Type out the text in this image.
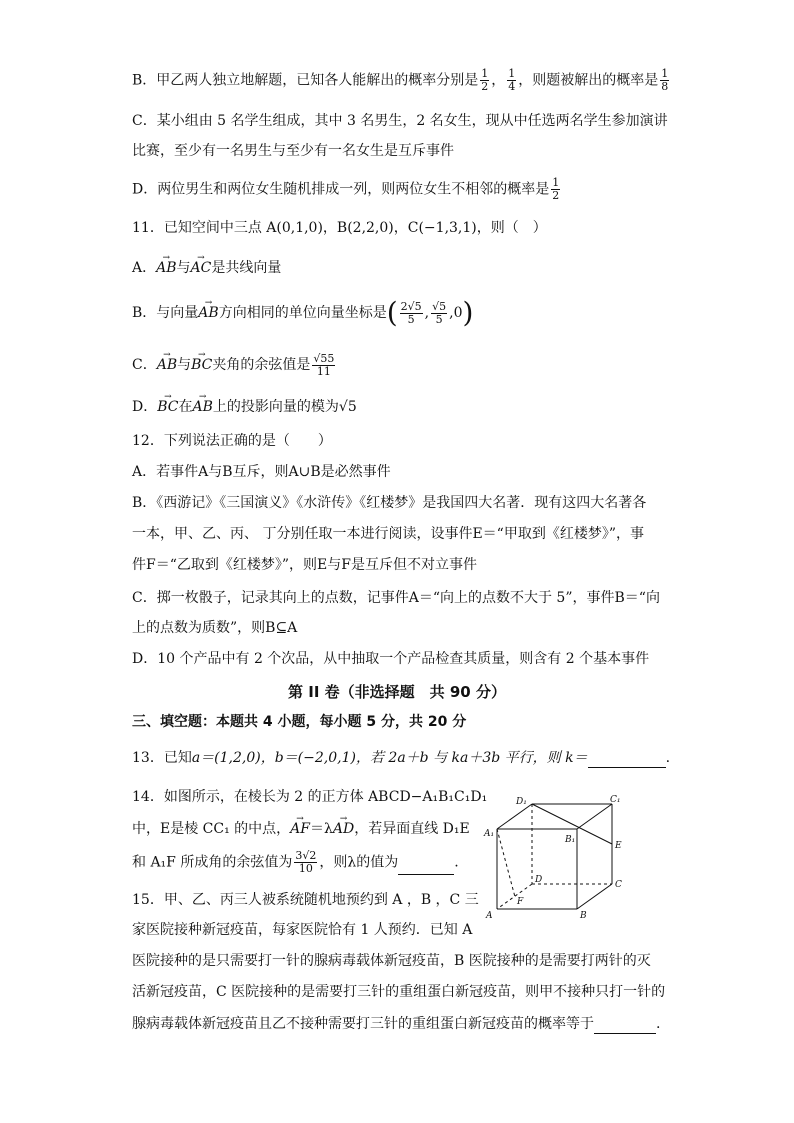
B．甲乙两人独立地解题，已知各人能解出的概率分别是 $\frac{1}{2}$ ， $\frac{1}{4}$ ，则题被解出的概率是 $\frac{1}{8}$
C．某小组由 5 名学生组成，其中 3 名男生，2 名女生，现从中任选两名学生参加演讲
比赛，至少有一名男生与至少有一名女生是互斥事件
D．两位男生和两位女生随机排成一列，则两位女生不相邻的概率是 $\frac{1}{2}$
11．已知空间中三点 A(0,1,0)，B(2,2,0)，C(−1,3,1)，则（　）
A．→ AB与→ AC是共线向量
B．与向量→ AB方向相同的单位向量坐标是( $\frac{2√5}{5}$ , $\frac{√5}{5} ,0$)
C．→ AB与→ BC夹角的余弦值是 $\frac{√55}{11}$
D．→ BC在→ AB上的投影向量的模为√5
12．下列说法正确的是（　　）
A．若事件A与B互斥，则A∪B是必然事件
B．《西游记》《三国演义》《水浒传》《红楼梦》是我国四大名著．现有这四大名著各
一本，甲、乙、丙、 丁分别任取一本进行阅读，设事件E＝“甲取到《红楼梦》”，事
件F＝“乙取到《红楼梦》”，则E与F是互斥但不对立事件
C．掷一枚骰子，记录其向上的点数，记事件A＝“向上的点数不大于 5”，事件B＝“向
上的点数为质数”，则B⊆A
D．10 个产品中有 2 个次品，从中抽取一个产品检查其质量，则含有 2 个基本事件
第 II 卷（非选择题　共 90 分）
三、填空题：本题共 4 小题，每小题 5 分，共 20 分
13．已知a＝(1,2,0)，b＝(−2,0,1)，若 2a＋b 与 ka＋3b 平行，则 k＝	.
14．如图所示，在棱长为 2 的正方体 ABCD−A₁B₁C₁D₁
中，E是棱 CC₁ 的中点，→ AF＝λ→ AD，若异面直线 D₁E
和 A₁F 所成角的余弦值为 $\frac{3√2}{10}$ ，则λ的值为	.
15．甲、乙、丙三人被系统随机地预约到 A ，B ，C 三
家医院接种新冠疫苗，每家医院恰有 1 人预约．已知 A
医院接种的是只需要打一针的腺病毒载体新冠疫苗，B 医院接种的是需要打两针的灭
活新冠疫苗，C 医院接种的是需要打三针的重组蛋白新冠疫苗，则甲不接种只打一针的
腺病毒载体新冠疫苗且乙不接种需要打三针的重组蛋白新冠疫苗的概率等于	.
A	B
C
D
A₁
B₁
C₁
D₁
E
F
